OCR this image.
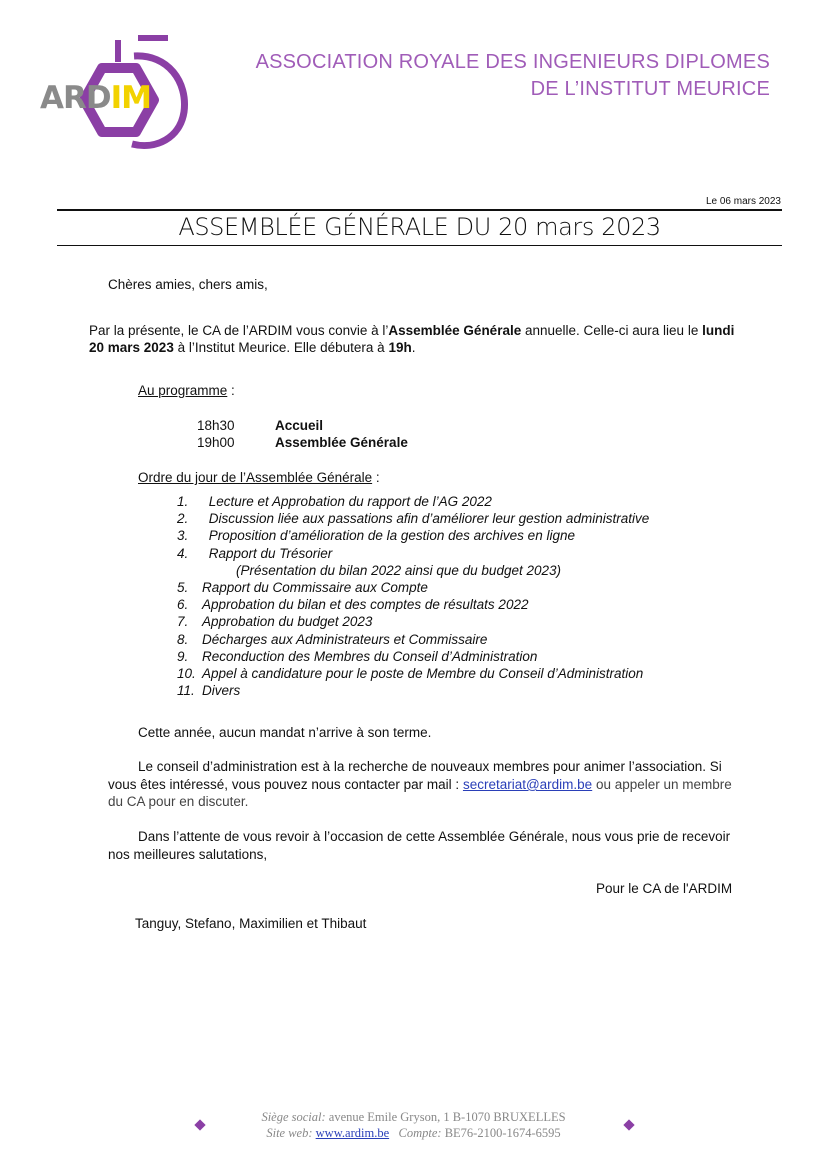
ARDIM
ASSOCIATION ROYALE DES INGENIEURS DIPLOMES
DE L’INSTITUT MEURICE
Le 06 mars 2023
ASSEMBLÉE GÉNÉRALE DU 20 mars 2023
Chères amies, chers amis,
Par la présente, le CA de l’ARDIM vous convie à l’Assemblée Générale annuelle. Celle-ci aura lieu le lundi
20 mars 2023 à l’Institut Meurice. Elle débutera à 19h.
Au programme :
18h30	Accueil
19h00	Assemblée Générale
Ordre du jour de l’Assemblée Générale :
1. Lecture et Approbation du rapport de l’AG 2022
2. Discussion liée aux passations afin d’améliorer leur gestion administrative
3. Proposition d’amélioration de la gestion des archives en ligne
4. Rapport du Trésorier
(Présentation du bilan 2022 ainsi que du budget 2023)
5. Rapport du Commissaire aux Compte
6. Approbation du bilan et des comptes de résultats 2022
7. Approbation du budget 2023
8. Décharges aux Administrateurs et Commissaire
9. Reconduction des Membres du Conseil d’Administration
10. Appel à candidature pour le poste de Membre du Conseil d’Administration
11. Divers
Cette année, aucun mandat n’arrive à son terme.
Le conseil d’administration est à la recherche de nouveaux membres pour animer l’association. Si
vous êtes intéressé, vous pouvez nous contacter par mail : secretariat@ardim.be ou appeler un membre
du CA pour en discuter.
Dans l’attente de vous revoir à l’occasion de cette Assemblée Générale, nous vous prie de recevoir
nos meilleures salutations,
Pour le CA de l'ARDIM
Tanguy, Stefano, Maximilien et Thibaut
Siège social: avenue Emile Gryson, 1 B-1070 BRUXELLES
Site web: www.ardim.be Compte: BE76-2100-1674-6595
